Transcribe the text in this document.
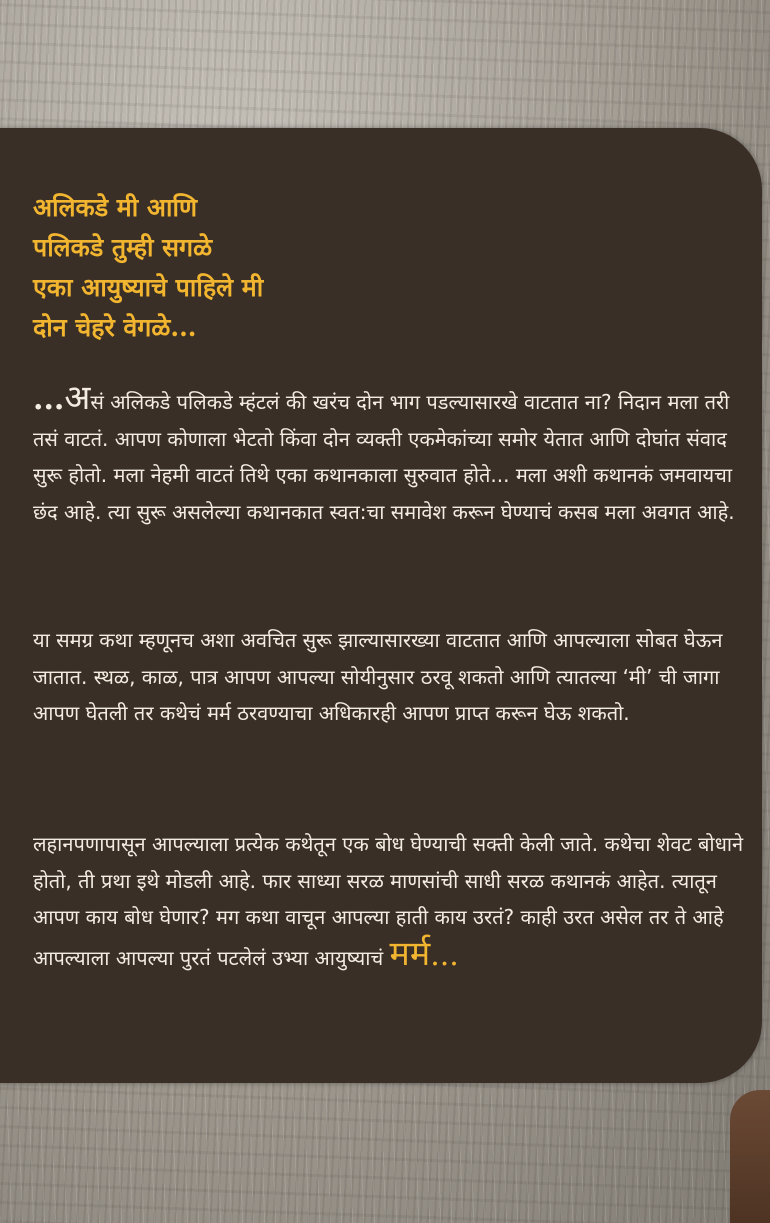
अलिकडे मी आणि
पलिकडे तुम्ही सगळे
एका आयुष्याचे पाहिले मी
दोन चेहरे वेगळे...

...असं अलिकडे पलिकडे म्हंटलं की खरंच दोन भाग पडल्यासारखे वाटतात ना? निदान मला तरी तसं वाटतं. आपण कोणाला भेटतो किंवा दोन व्यक्ती एकमेकांच्या समोर येतात आणि दोघांत संवाद सुरू होतो. मला नेहमी वाटतं तिथे एका कथानकाला सुरुवात होते... मला अशी कथानकं जमवायचा छंद आहे. त्या सुरू असलेल्या कथानकात स्वत:चा समावेश करून घेण्याचं कसब मला अवगत आहे.

या समग्र कथा म्हणूनच अशा अवचित सुरू झाल्यासारख्या वाटतात आणि आपल्याला सोबत घेऊन जातात. स्थळ, काळ, पात्र आपण आपल्या सोयीनुसार ठरवू शकतो आणि त्यातल्या ‘मी’ ची जागा आपण घेतली तर कथेचं मर्म ठरवण्याचा अधिकारही आपण प्राप्त करून घेऊ शकतो.

लहानपणापासून आपल्याला प्रत्येक कथेतून एक बोध घेण्याची सक्ती केली जाते. कथेचा शेवट बोधाने होतो, ती प्रथा इथे मोडली आहे. फार साध्या सरळ माणसांची साधी सरळ कथानकं आहेत. त्यातून आपण काय बोध घेणार? मग कथा वाचून आपल्या हाती काय उरतं? काही उरत असेल तर ते आहे आपल्याला आपल्या पुरतं पटलेलं उभ्या आयुष्याचं मर्म...
